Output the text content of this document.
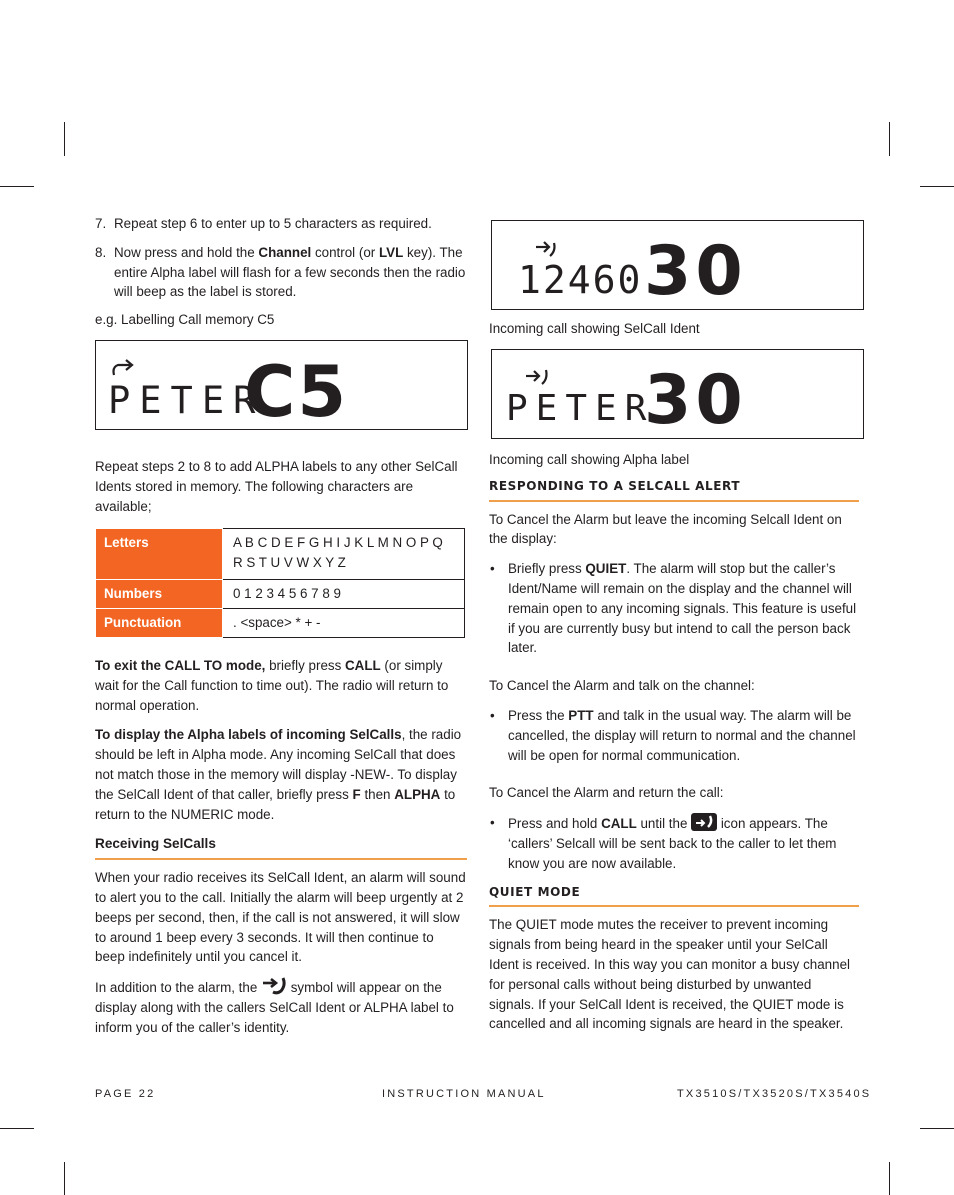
7. Repeat step 6 to enter up to 5 characters as required.
8. Now press and hold the Channel control (or LVL key). The entire Alpha label will flash for a few seconds then the radio will beep as the label is stored.

e.g. Labelling Call memory C5

PETER
C5

Repeat steps 2 to 8 to add ALPHA labels to any other SelCall Idents stored in memory. The following characters are available;

Letters	A B C D E F G H I J K L M N O P Q R S T U V W X Y Z
Numbers	0 1 2 3 4 5 6 7 8 9
Punctuation	. <space> * + -

To exit the CALL TO mode, briefly press CALL (or simply wait for the Call function to time out). The radio will return to normal operation.

To display the Alpha labels of incoming SelCalls, the radio should be left in Alpha mode. Any incoming SelCall that does not match those in the memory will display -NEW-. To display the SelCall Ident of that caller, briefly press F then ALPHA to return to the NUMERIC mode.

Receiving SelCalls

When your radio receives its SelCall Ident, an alarm will sound to alert you to the call. Initially the alarm will beep urgently at 2 beeps per second, then, if the call is not answered, it will slow to around 1 beep every 3 seconds. It will then continue to beep indefinitely until you cancel it.

In addition to the alarm, the  symbol will appear on the display along with the callers SelCall Ident or ALPHA label to inform you of the caller’s identity.

12460 30
Incoming call showing SelCall Ident
PETER
30

Incoming call showing Alpha label

RESPONDING TO A SELCALL ALERT

To Cancel the Alarm but leave the incoming Selcall Ident on the display:

• Briefly press QUIET. The alarm will stop but the caller’s Ident/Name will remain on the display and the channel will remain open to any incoming signals. This feature is useful if you are currently busy but intend to call the person back later.

To Cancel the Alarm and talk on the channel:

• Press the PTT and talk in the usual way. The alarm will be cancelled, the display will return to normal and the channel will be open for normal communication.

To Cancel the Alarm and return the call:

• Press and hold CALL until the  icon appears. The ‘callers’ Selcall will be sent back to the caller to let them know you are now available.
QUIET MODE

The QUIET mode mutes the receiver to prevent incoming signals from being heard in the speaker until your SelCall Ident is received. In this way you can monitor a busy channel for personal calls without being disturbed by unwanted signals. If your SelCall Ident is received, the QUIET mode is cancelled and all incoming signals are heard in the speaker.

PAGE 22	INSTRUCTION MANUAL	TX3510S/TX3520S/TX3540S
